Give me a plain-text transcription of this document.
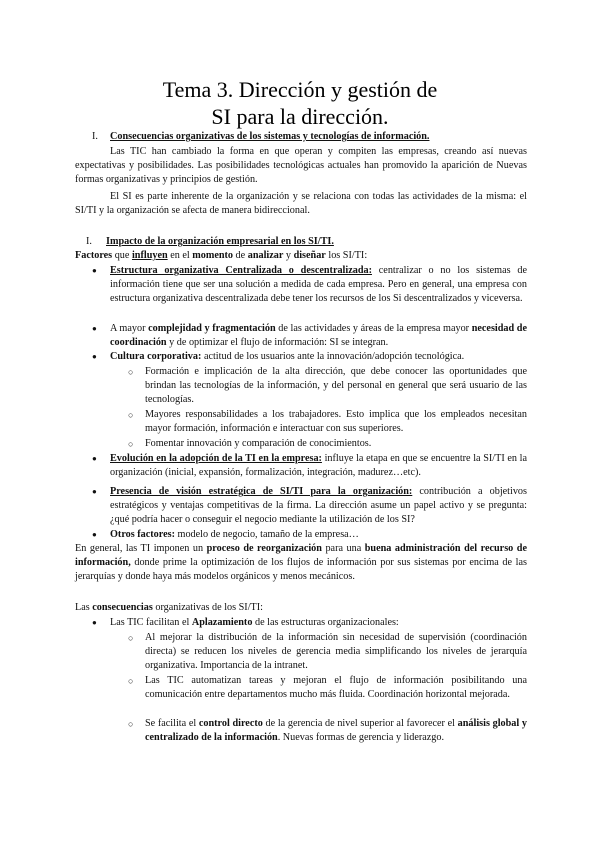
Tema 3. Dirección y gestión de
SI para la dirección.
I. Consecuencias organizativas de los sistemas y tecnologías de información.
Las TIC han cambiado la forma en que operan y compiten las empresas, creando así nuevas expectativas y posibilidades. Las posibilidades tecnológicas actuales han promovido la aparición de Nuevas formas organizativas y principios de gestión.
El SI es parte inherente de la organización y se relaciona con todas las actividades de la misma: el SI/TI y la organización se afecta de manera bidireccional.
I. Impacto de la organización empresarial en los SI/TI.
Factores que influyen en el momento de analizar y diseñar los SI/TI:
●
Estructura organizativa Centralizada o descentralizada: centralizar o no los sistemas de información tiene que ser una solución a medida de cada empresa. Pero en general, una empresa con estructura organizativa descentralizada debe tener los recursos de los Si descentralizados y viceversa.
●
A mayor complejidad y fragmentación de las actividades y áreas de la empresa mayor necesidad de coordinación y de optimizar el flujo de información: SI se integran.
●
Cultura corporativa: actitud de los usuarios ante la innovación/adopción tecnológica.
○
Formación e implicación de la alta dirección, que debe conocer las oportunidades que brindan las tecnologías de la información, y del personal en general que será usuario de las tecnologías.
○
Mayores responsabilidades a los trabajadores. Esto implica que los empleados necesitan mayor formación, información e interactuar con sus superiores.
○
Fomentar innovación y comparación de conocimientos.
●
Evolución en la adopción de la TI en la empresa: influye la etapa en que se encuentre la SI/TI en la organización (inicial, expansión, formalización, integración, madurez…etc).
●
Presencia de visión estratégica de SI/TI para la organización: contribución a objetivos estratégicos y ventajas competitivas de la firma. La dirección asume un papel activo y se pregunta: ¿qué podría hacer o conseguir el negocio mediante la utilización de los SI?
●
Otros factores: modelo de negocio, tamaño de la empresa…
En general, las TI imponen un proceso de reorganización para una buena administración del recurso de información, donde prime la optimización de los flujos de información por sus sistemas por encima de las jerarquías y donde haya más modelos orgánicos y menos mecánicos.
Las consecuencias organizativas de los SI/TI:
●
Las TIC facilitan el Aplazamiento de las estructuras organizacionales:
○
Al mejorar la distribución de la información sin necesidad de supervisión (coordinación directa) se reducen los niveles de gerencia media simplificando los niveles de jerarquía organizativa. Importancia de la intranet.
○
Las TIC automatizan tareas y mejoran el flujo de información posibilitando una comunicación entre departamentos mucho más fluida. Coordinación horizontal mejorada.
○
Se facilita el control directo de la gerencia de nivel superior al favorecer el análisis global y centralizado de la información. Nuevas formas de gerencia y liderazgo.
